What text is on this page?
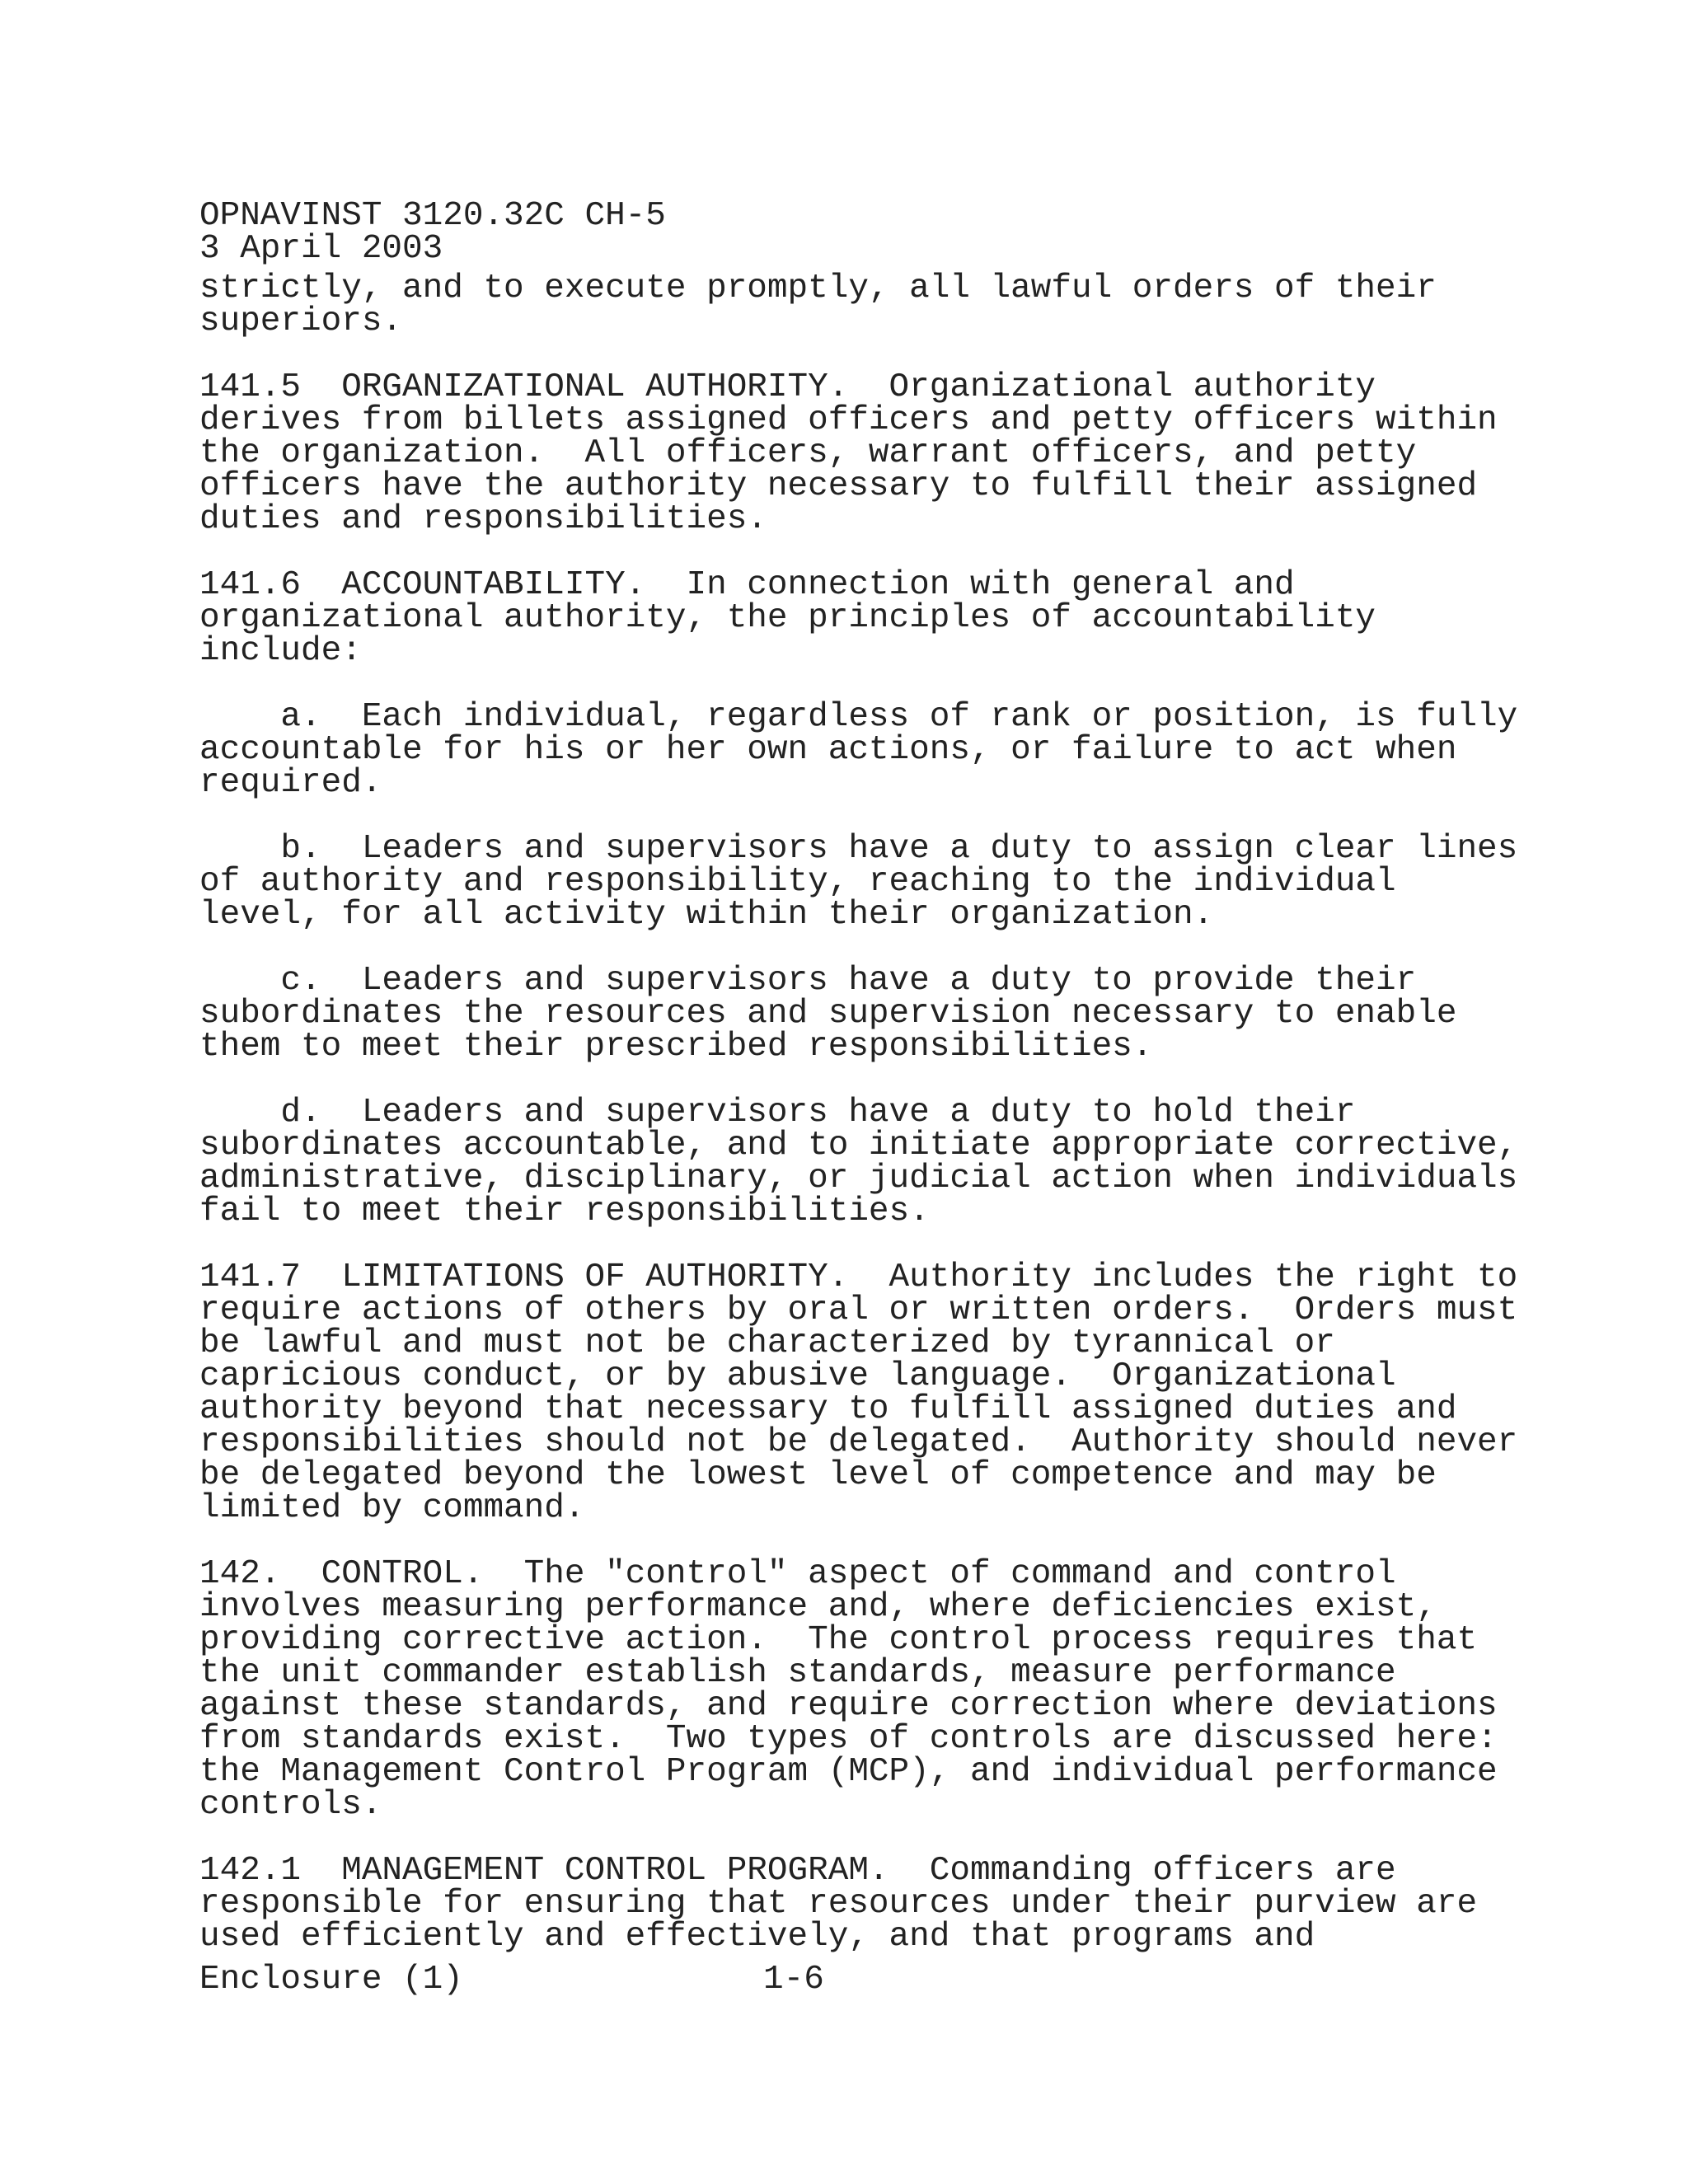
OPNAVINST 3120.32C CH-5
3 April 2003
strictly, and to execute promptly, all lawful orders of their
superiors.
141.5  ORGANIZATIONAL AUTHORITY.  Organizational authority
derives from billets assigned officers and petty officers within
the organization.  All officers, warrant officers, and petty
officers have the authority necessary to fulfill their assigned
duties and responsibilities.
141.6  ACCOUNTABILITY.  In connection with general and
organizational authority, the principles of accountability
include:
a.  Each individual, regardless of rank or position, is fully
accountable for his or her own actions, or failure to act when
required.
b.  Leaders and supervisors have a duty to assign clear lines
of authority and responsibility, reaching to the individual
level, for all activity within their organization.
c.  Leaders and supervisors have a duty to provide their
subordinates the resources and supervision necessary to enable
them to meet their prescribed responsibilities.
d.  Leaders and supervisors have a duty to hold their
subordinates accountable, and to initiate appropriate corrective,
administrative, disciplinary, or judicial action when individuals
fail to meet their responsibilities.
141.7  LIMITATIONS OF AUTHORITY.  Authority includes the right to
require actions of others by oral or written orders.  Orders must
be lawful and must not be characterized by tyrannical or
capricious conduct, or by abusive language.  Organizational
authority beyond that necessary to fulfill assigned duties and
responsibilities should not be delegated.  Authority should never
be delegated beyond the lowest level of competence and may be
limited by command.
142.  CONTROL.  The "control" aspect of command and control
involves measuring performance and, where deficiencies exist,
providing corrective action.  The control process requires that
the unit commander establish standards, measure performance
against these standards, and require correction where deviations
from standards exist.  Two types of controls are discussed here:
the Management Control Program (MCP), and individual performance
controls.
142.1  MANAGEMENT CONTROL PROGRAM.  Commanding officers are
responsible for ensuring that resources under their purview are
used efficiently and effectively, and that programs and
Enclosure (1)	1-6
